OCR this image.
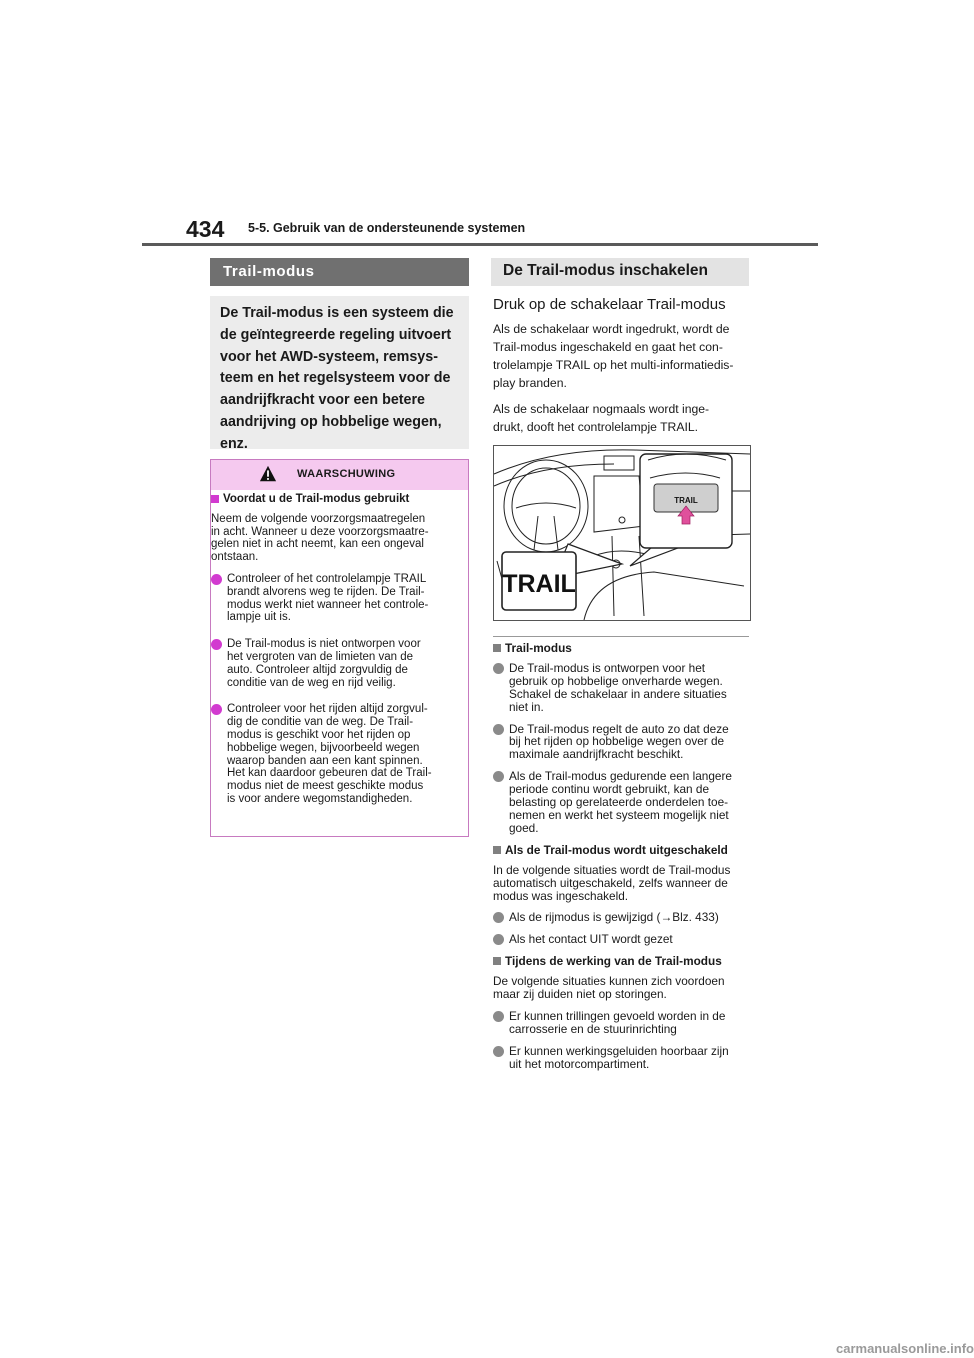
434 5-5. Gebruik van de ondersteunende systemen
Trail-modus
De Trail-modus is een systeem die
de geïntegreerde regeling uitvoert
voor het AWD-systeem, remsys-
teem en het regelsysteem voor de
aandrijfkracht voor een betere
aandrijving op hobbelige wegen,
enz.
WAARSCHUWING
Voordat u de Trail-modus gebruikt
Neem de volgende voorzorgsmaatregelen
in acht. Wanneer u deze voorzorgsmaatre-
gelen niet in acht neemt, kan een ongeval
ontstaan.
Controleer of het controlelampje TRAIL
brandt alvorens weg te rijden. De Trail-
modus werkt niet wanneer het controle-
lampje uit is.
De Trail-modus is niet ontworpen voor
het vergroten van de limieten van de
auto. Controleer altijd zorgvuldig de
conditie van de weg en rijd veilig.
Controleer voor het rijden altijd zorgvul-
dig de conditie van de weg. De Trail-
modus is geschikt voor het rijden op
hobbelige wegen, bijvoorbeeld wegen
waarop banden aan een kant spinnen.
Het kan daardoor gebeuren dat de Trail-
modus niet de meest geschikte modus
is voor andere wegomstandigheden.
De Trail-modus inschakelen
Druk op de schakelaar Trail-modus
Als de schakelaar wordt ingedrukt, wordt de
Trail-modus ingeschakeld en gaat het con-
trolelampje TRAIL op het multi-informatiedis-
play branden.
Als de schakelaar nogmaals wordt inge-
drukt, dooft het controlelampje TRAIL.
TRAIL
TRAIL
Trail-modus
De Trail-modus is ontworpen voor het
gebruik op hobbelige onverharde wegen.
Schakel de schakelaar in andere situaties
niet in.
De Trail-modus regelt de auto zo dat deze
bij het rijden op hobbelige wegen over de
maximale aandrijfkracht beschikt.
Als de Trail-modus gedurende een langere
periode continu wordt gebruikt, kan de
belasting op gerelateerde onderdelen toe-
nemen en werkt het systeem mogelijk niet
goed.
Als de Trail-modus wordt uitgeschakeld
In de volgende situaties wordt de Trail-modus
automatisch uitgeschakeld, zelfs wanneer de
modus was ingeschakeld.
Als de rijmodus is gewijzigd (→Blz. 433)
Als het contact UIT wordt gezet
Tijdens de werking van de Trail-modus
De volgende situaties kunnen zich voordoen
maar zij duiden niet op storingen.
Er kunnen trillingen gevoeld worden in de
carrosserie en de stuurinrichting
Er kunnen werkingsgeluiden hoorbaar zijn
uit het motorcompartiment.
carmanualsonline.info
